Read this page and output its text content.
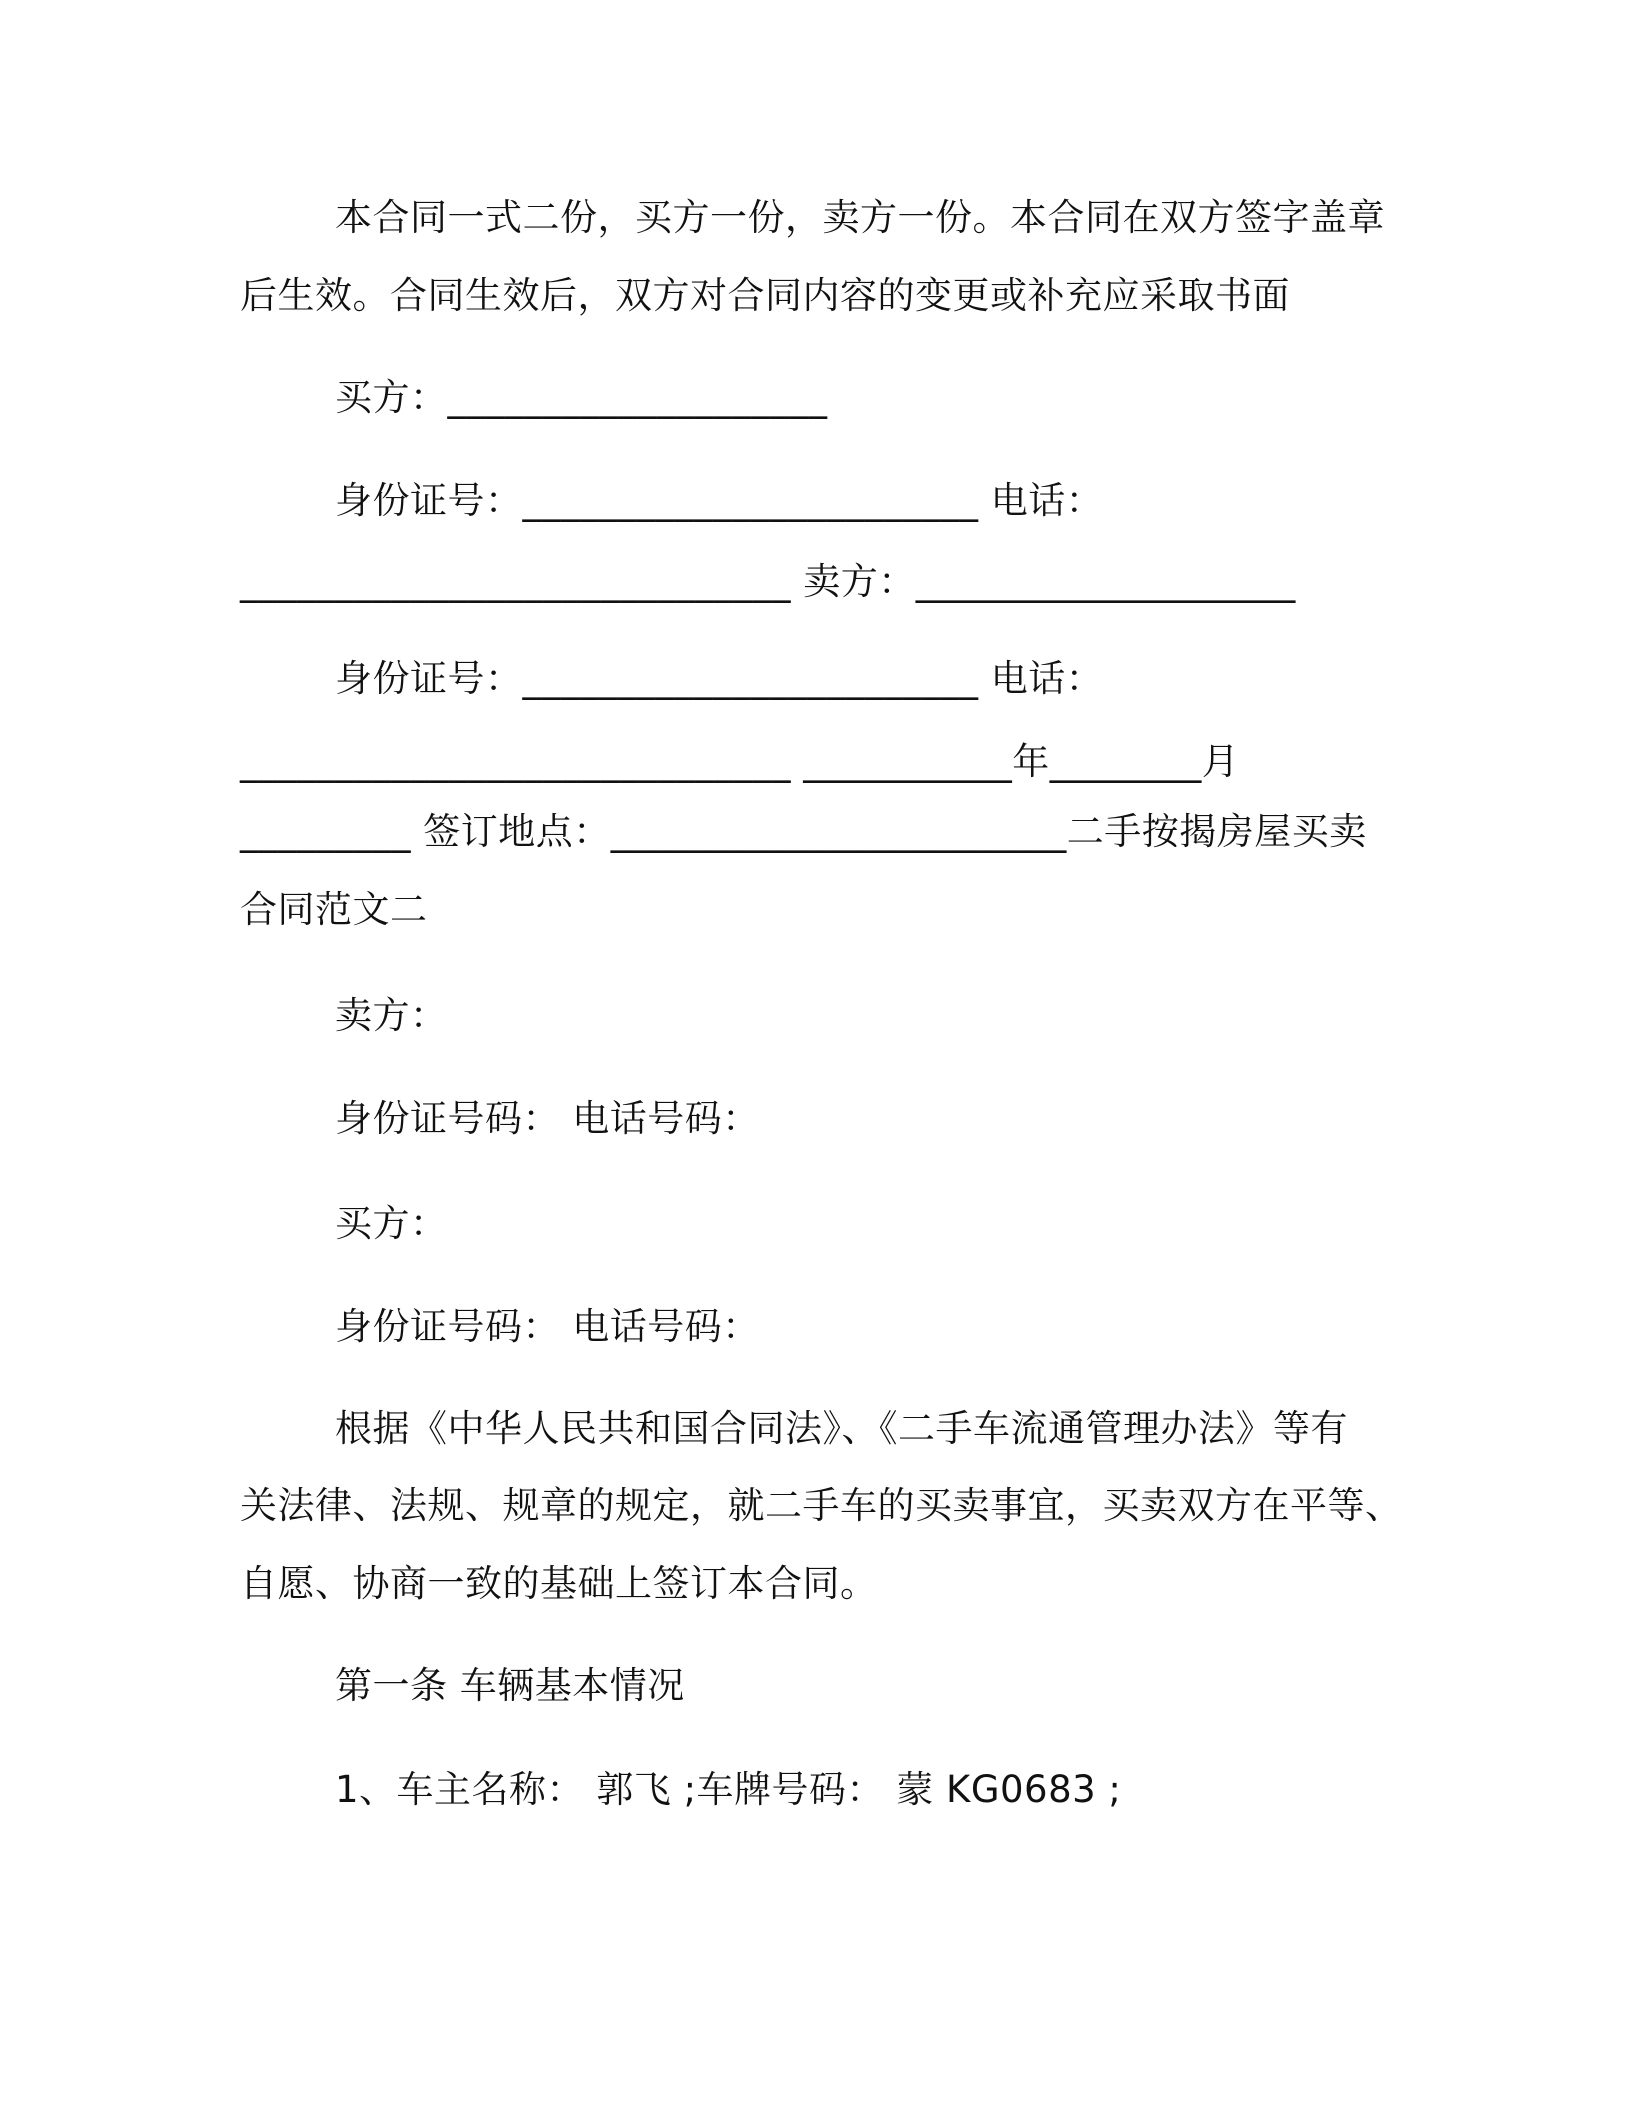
本合同一式二份，买方一份，卖方一份。本合同在双方签字盖章
后生效。合同生效后，双方对合同内容的变更或补充应采取书面
买方：____________________
身份证号：________________________ 电话：
_____________________________ 卖方：____________________
身份证号：________________________ 电话：
_____________________________ ___________年________月
_________ 签订地点：________________________二手按揭房屋买卖
合同范文二
卖方：
身份证号码： 电话号码：
买方：
身份证号码： 电话号码：
根据《中华人民共和国合同法》、《二手车流通管理办法》等有
关法律、法规、规章的规定，就二手车的买卖事宜，买卖双方在平等、
自愿、协商一致的基础上签订本合同。
第一条 车辆基本情况
1、车主名称： 郭飞 ;车牌号码： 蒙 KG0683 ;
